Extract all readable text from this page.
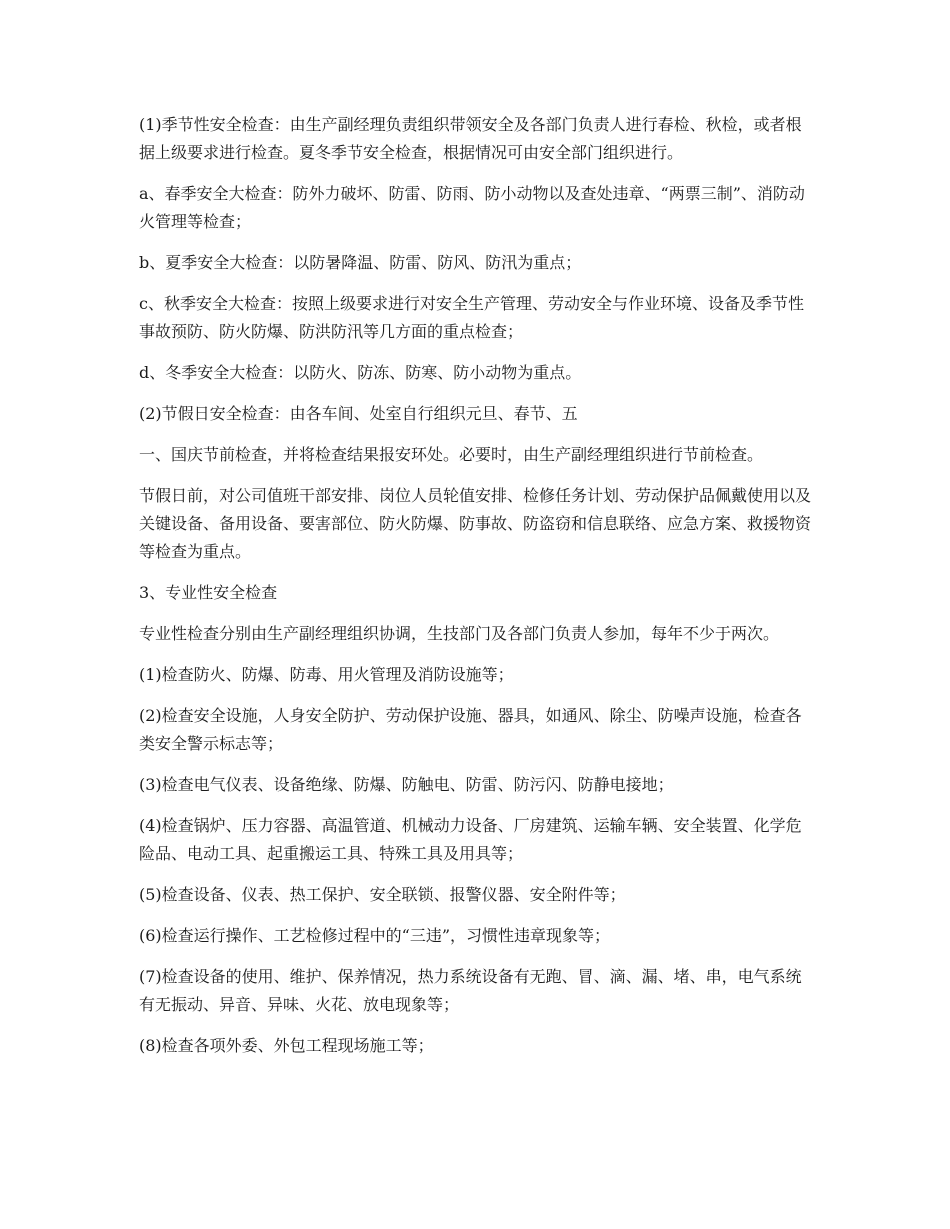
(1)季节性安全检查：由生产副经理负责组织带领安全及各部门负责人进行春检、秋检，或者根据上级要求进行检查。夏冬季节安全检查，根据情况可由安全部门组织进行。

a、春季安全大检查：防外力破坏、防雷、防雨、防小动物以及查处违章、“两票三制”、消防动火管理等检查；

b、夏季安全大检查：以防暑降温、防雷、防风、防汛为重点；

c、秋季安全大检查：按照上级要求进行对安全生产管理、劳动安全与作业环境、设备及季节性事故预防、防火防爆、防洪防汛等几方面的重点检查；

d、冬季安全大检查：以防火、防冻、防寒、防小动物为重点。

(2)节假日安全检查：由各车间、处室自行组织元旦、春节、五

一、国庆节前检查，并将检查结果报安环处。必要时，由生产副经理组织进行节前检查。

节假日前，对公司值班干部安排、岗位人员轮值安排、检修任务计划、劳动保护品佩戴使用以及关键设备、备用设备、要害部位、防火防爆、防事故、防盗窃和信息联络、应急方案、救援物资等检查为重点。

3、专业性安全检查

专业性检查分别由生产副经理组织协调，生技部门及各部门负责人参加，每年不少于两次。

(1)检查防火、防爆、防毒、用火管理及消防设施等；

(2)检查安全设施，人身安全防护、劳动保护设施、器具，如通风、除尘、防噪声设施，检查各类安全警示标志等；

(3)检查电气仪表、设备绝缘、防爆、防触电、防雷、防污闪、防静电接地；

(4)检查锅炉、压力容器、高温管道、机械动力设备、厂房建筑、运输车辆、安全装置、化学危险品、电动工具、起重搬运工具、特殊工具及用具等；

(5)检查设备、仪表、热工保护、安全联锁、报警仪器、安全附件等；

(6)检查运行操作、工艺检修过程中的“三违”，习惯性违章现象等；

(7)检查设备的使用、维护、保养情况，热力系统设备有无跑、冒、滴、漏、堵、串，电气系统有无振动、异音、异味、火花、放电现象等；

(8)检查各项外委、外包工程现场施工等；
